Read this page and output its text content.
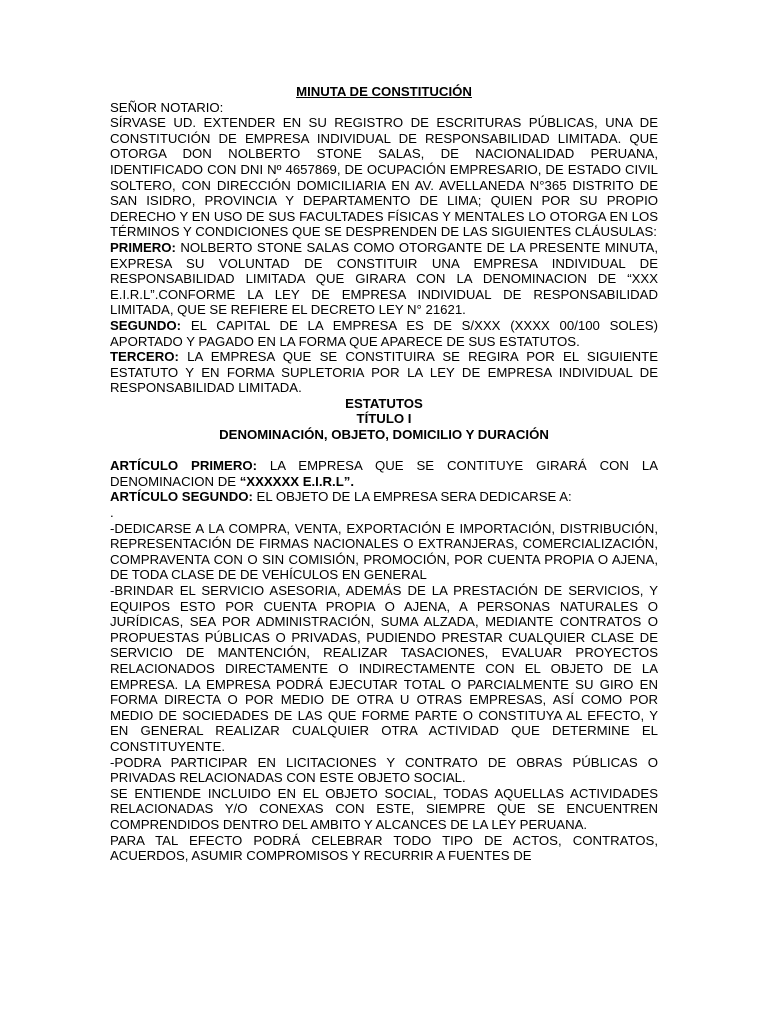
MINUTA DE CONSTITUCIÓN

SEÑOR NOTARIO:

SÍRVASE UD. EXTENDER EN SU REGISTRO DE ESCRITURAS PÚBLICAS, UNA DE CONSTITUCIÓN DE EMPRESA INDIVIDUAL DE RESPONSABILIDAD LIMITADA. QUE OTORGA DON NOLBERTO STONE SALAS, DE NACIONALIDAD PERUANA, IDENTIFICADO CON DNI Nº 4657869, DE OCUPACIÓN EMPRESARIO, DE ESTADO CIVIL SOLTERO, CON DIRECCIÓN DOMICILIARIA EN AV. AVELLANEDA N°365 DISTRITO DE SAN ISIDRO, PROVINCIA Y DEPARTAMENTO DE LIMA; QUIEN POR SU PROPIO DERECHO Y EN USO DE SUS FACULTADES FÍSICAS Y MENTALES LO OTORGA EN LOS TÉRMINOS Y CONDICIONES QUE SE DESPRENDEN DE LAS SIGUIENTES CLÁUSULAS:

PRIMERO: NOLBERTO STONE SALAS COMO OTORGANTE DE LA PRESENTE MINUTA, EXPRESA SU VOLUNTAD DE CONSTITUIR UNA EMPRESA INDIVIDUAL DE RESPONSABILIDAD LIMITADA QUE GIRARA CON LA DENOMINACION DE “XXX E.I.R.L”.CONFORME LA LEY DE EMPRESA INDIVIDUAL DE RESPONSABILIDAD LIMITADA, QUE SE REFIERE EL DECRETO LEY N° 21621.

SEGUNDO: EL CAPITAL DE LA EMPRESA ES DE S/XXX (XXXX 00/100 SOLES) APORTADO Y PAGADO EN LA FORMA QUE APARECE DE SUS ESTATUTOS.

TERCERO: LA EMPRESA QUE SE CONSTITUIRA SE REGIRA POR EL SIGUIENTE ESTATUTO Y EN FORMA SUPLETORIA POR LA LEY DE EMPRESA INDIVIDUAL DE RESPONSABILIDAD LIMITADA.

ESTATUTOS

TÍTULO I

DENOMINACIÓN, OBJETO, DOMICILIO Y DURACIÓN

ARTÍCULO PRIMERO: LA EMPRESA QUE SE CONTITUYE GIRARÁ CON LA DENOMINACION DE “XXXXXX E.I.R.L”.

ARTÍCULO SEGUNDO: EL OBJETO DE LA EMPRESA SERA DEDICARSE A:

.

-DEDICARSE A LA COMPRA, VENTA, EXPORTACIÓN E IMPORTACIÓN, DISTRIBUCIÓN, REPRESENTACIÓN DE FIRMAS NACIONALES O EXTRANJERAS, COMERCIALIZACIÓN, COMPRAVENTA CON O SIN COMISIÓN, PROMOCIÓN, POR CUENTA PROPIA O AJENA, DE TODA CLASE DE DE VEHÍCULOS EN GENERAL

-BRINDAR EL SERVICIO ASESORIA, ADEMÁS DE LA PRESTACIÓN DE SERVICIOS, Y EQUIPOS ESTO POR CUENTA PROPIA O AJENA, A PERSONAS NATURALES O JURÍDICAS, SEA POR ADMINISTRACIÓN, SUMA ALZADA, MEDIANTE CONTRATOS O PROPUESTAS PÚBLICAS O PRIVADAS, PUDIENDO PRESTAR CUALQUIER CLASE DE SERVICIO DE MANTENCIÓN, REALIZAR TASACIONES, EVALUAR PROYECTOS RELACIONADOS DIRECTAMENTE O INDIRECTAMENTE CON EL OBJETO DE LA EMPRESA. LA EMPRESA PODRÁ EJECUTAR TOTAL O PARCIALMENTE SU GIRO EN FORMA DIRECTA O POR MEDIO DE OTRA U OTRAS EMPRESAS, ASÍ COMO POR MEDIO DE SOCIEDADES DE LAS QUE FORME PARTE O CONSTITUYA AL EFECTO, Y EN GENERAL REALIZAR CUALQUIER OTRA ACTIVIDAD QUE DETERMINE EL CONSTITUYENTE.

-PODRA PARTICIPAR EN LICITACIONES Y CONTRATO DE OBRAS PÚBLICAS O PRIVADAS RELACIONADAS CON ESTE OBJETO SOCIAL.

SE ENTIENDE INCLUIDO EN EL OBJETO SOCIAL, TODAS AQUELLAS ACTIVIDADES RELACIONADAS Y/O CONEXAS CON ESTE, SIEMPRE QUE SE ENCUENTREN COMPRENDIDOS DENTRO DEL AMBITO Y ALCANCES DE LA LEY PERUANA.

PARA TAL EFECTO PODRÁ CELEBRAR TODO TIPO DE ACTOS, CONTRATOS, ACUERDOS, ASUMIR COMPROMISOS Y RECURRIR A FUENTES DE
